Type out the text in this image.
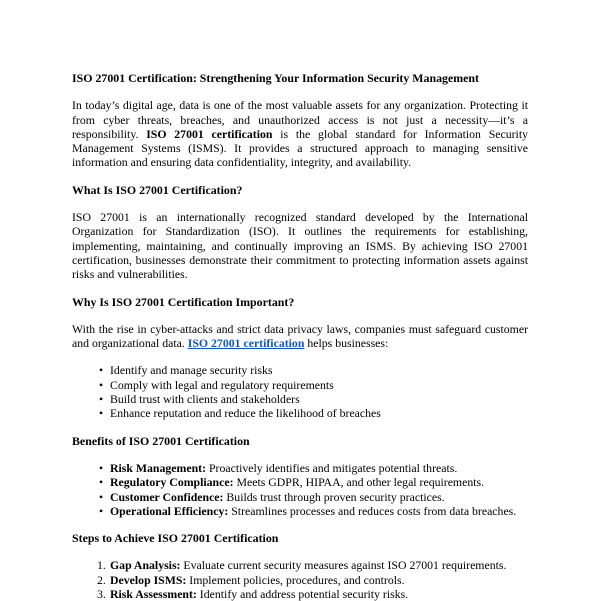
ISO 27001 Certification: Strengthening Your Information Security Management

In today’s digital age, data is one of the most valuable assets for any organization. Protecting it from cyber threats, breaches, and unauthorized access is not just a necessity—it’s a responsibility. ISO 27001 certification is the global standard for Information Security Management Systems (ISMS). It provides a structured approach to managing sensitive information and ensuring data confidentiality, integrity, and availability.

What Is ISO 27001 Certification?

ISO 27001 is an internationally recognized standard developed by the International Organization for Standardization (ISO). It outlines the requirements for establishing, implementing, maintaining, and continually improving an ISMS. By achieving ISO 27001 certification, businesses demonstrate their commitment to protecting information assets against risks and vulnerabilities.

Why Is ISO 27001 Certification Important?

With the rise in cyber-attacks and strict data privacy laws, companies must safeguard customer and organizational data. ISO 27001 certification helps businesses:

• Identify and manage security risks
• Comply with legal and regulatory requirements
• Build trust with clients and stakeholders
• Enhance reputation and reduce the likelihood of breaches
Benefits of ISO 27001 Certification
• Risk Management: Proactively identifies and mitigates potential threats.
• Regulatory Compliance: Meets GDPR, HIPAA, and other legal requirements.
• Customer Confidence: Builds trust through proven security practices.
• Operational Efficiency: Streamlines processes and reduces costs from data breaches.
Steps to Achieve ISO 27001 Certification
1. Gap Analysis: Evaluate current security measures against ISO 27001 requirements.
2. Develop ISMS: Implement policies, procedures, and controls.
3. Risk Assessment: Identify and address potential security risks.
